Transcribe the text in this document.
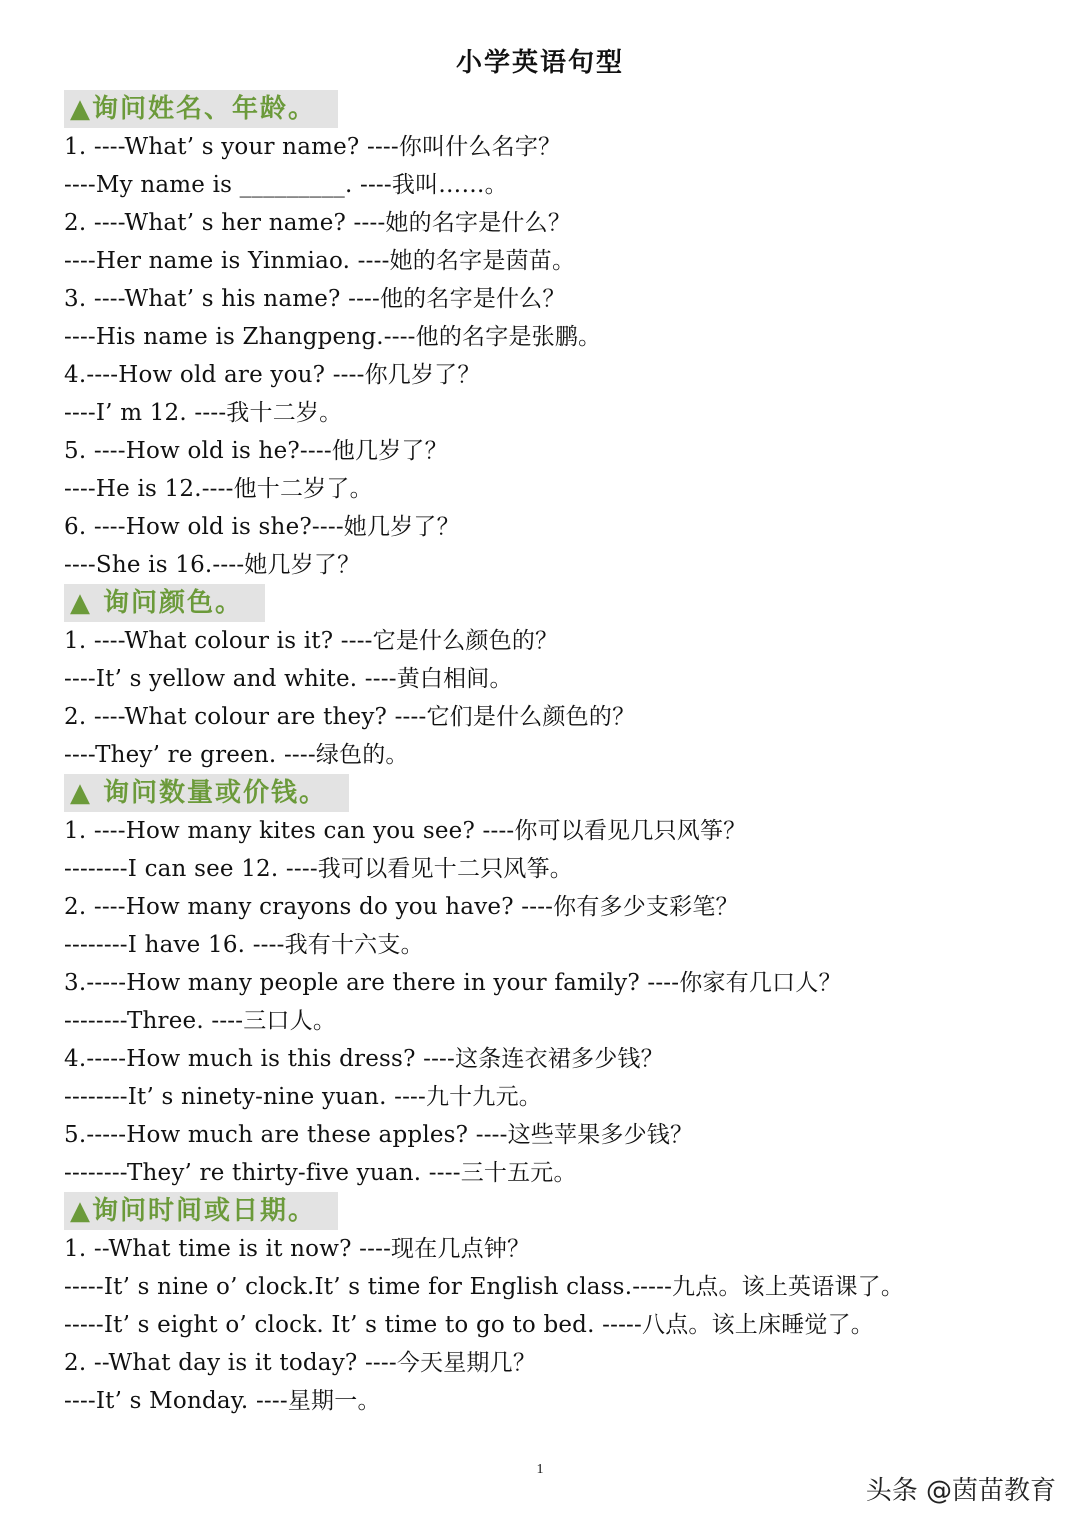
小学英语句型
▲询问姓名、年龄。
1. ----What’ s your name? ----你叫什么名字？
----My name is _________. ----我叫……。
2. ----What’ s her name? ----她的名字是什么？
----Her name is Yinmiao. ----她的名字是茵苗。
3. ----What’ s his name? ----他的名字是什么？
----His name is Zhangpeng.----他的名字是张鹏。
4.----How old are you? ----你几岁了？
----I’ m 12. ----我十二岁。
5. ----How old is he?----他几岁了？
----He is 12.----他十二岁了。
6. ----How old is she?----她几岁了？
----She is 16.----她几岁了？
▲ 询问颜色。
1. ----What colour is it? ----它是什么颜色的？
----It’ s yellow and white. ----黄白相间。
2. ----What colour are they? ----它们是什么颜色的？
----They’ re green. ----绿色的。
▲ 询问数量或价钱。
1. ----How many kites can you see? ----你可以看见几只风筝？
--------I can see 12. ----我可以看见十二只风筝。
2. ----How many crayons do you have? ----你有多少支彩笔？
--------I have 16. ----我有十六支。
3.-----How many people are there in your family? ----你家有几口人？
--------Three. ----三口人。
4.-----How much is this dress? ----这条连衣裙多少钱？
--------It’ s ninety-nine yuan. ----九十九元。
5.-----How much are these apples? ----这些苹果多少钱？
--------They’ re thirty-five yuan. ----三十五元。
▲询问时间或日期。
1. --What time is it now? ----现在几点钟？
-----It’ s nine o’ clock.It’ s time for English class.-----九点。该上英语课了。
-----It’ s eight o’ clock. It’ s time to go to bed. -----八点。该上床睡觉了。
2. --What day is it today? ----今天星期几？
----It’ s Monday. ----星期一。
1
头条 @茵苗教育
